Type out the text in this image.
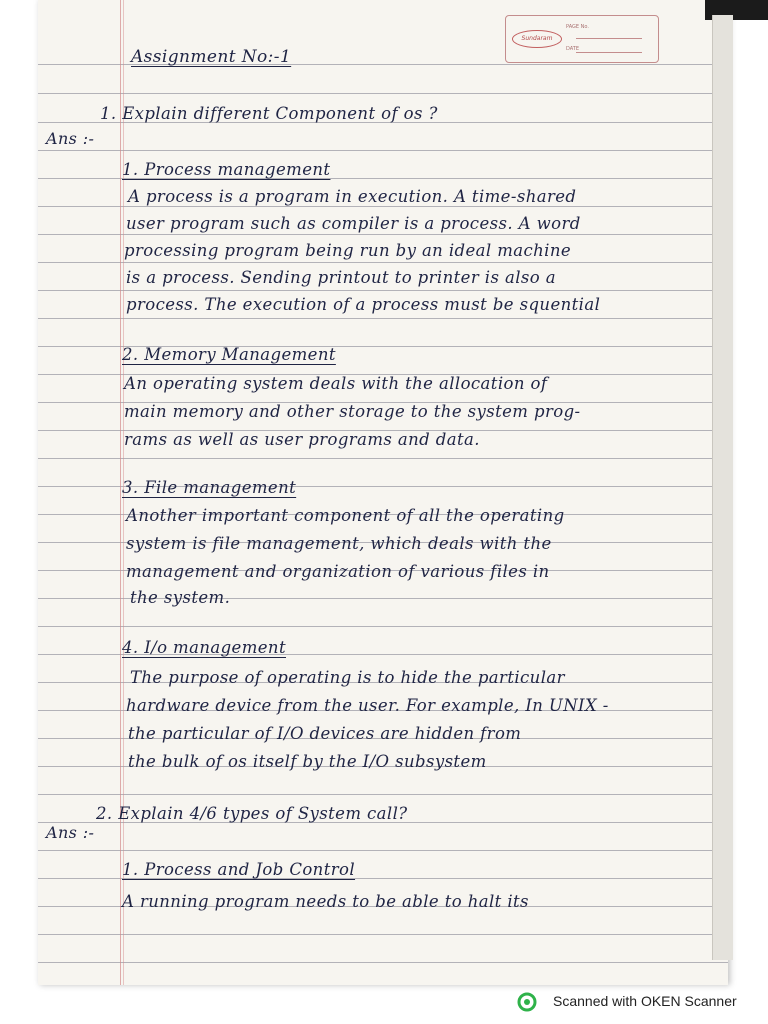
Sundaram
PAGE No.
DATE
Assignment No:-1
1. Explain different Component of os ?
Ans :-
1. Process management
A process is a program in execution. A time-shared
user program such as compiler is a process. A word
processing program being run by an ideal machine
is a process. Sending printout to printer is also a
process. The execution of a process must be squential
2. Memory Management
An operating system deals with the allocation of
main memory and other storage to the system prog-
rams as well as user programs and data.
3. File management
Another important component of all the operating
system is file management, which deals with the
management and organization of various files in
the system.
4. I/o management
The purpose of operating is to hide the particular
hardware device from the user. For example, In UNIX -
the particular of I/O devices are hidden from
the bulk of os itself by the I/O subsystem
2. Explain 4/6 types of System call?
Ans :-
1. Process and Job Control
A running program needs to be able to halt its
Scanned with OKEN Scanner
